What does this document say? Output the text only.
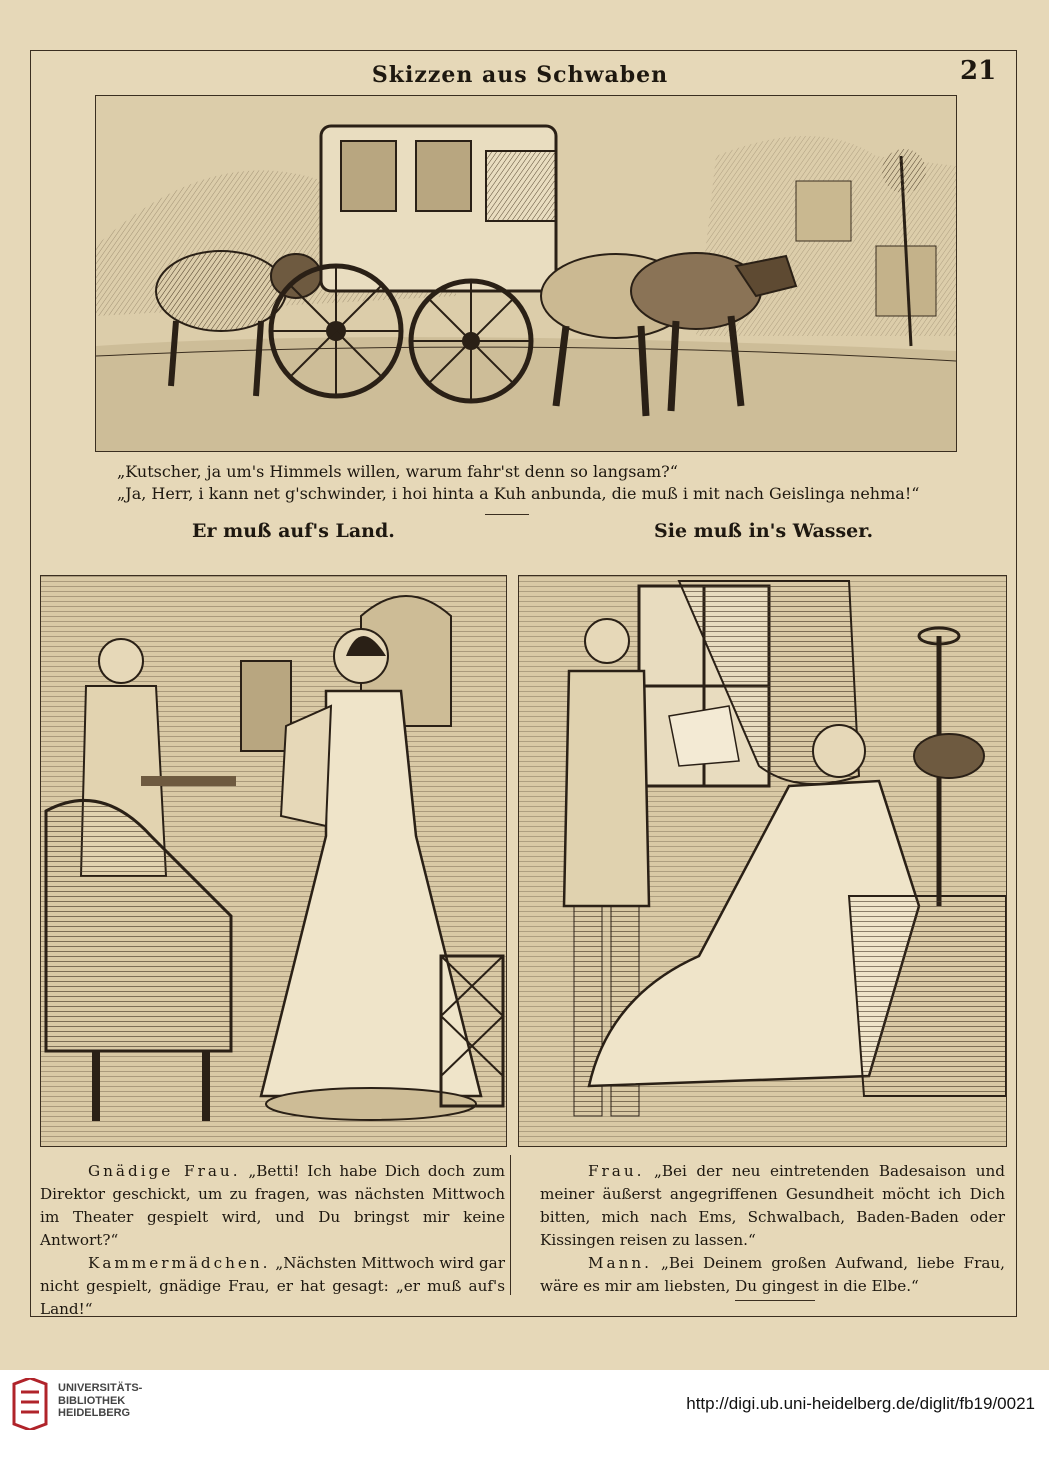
Skizzen aus Schwaben	21
„Kutscher, ja um's Himmels willen, warum fahr'st denn so langsam?“
„Ja, Herr, i kann net g'schwinder, i hoi hinta a Kuh anbunda, die muß i mit nach Geislinga nehma!“
Er muß auf's Land.	Sie muß in's Wasser.

Gnädige Frau. „Betti! Ich habe Dich doch zum Direktor geschickt, um zu fragen, was nächsten Mittwoch im Theater gespielt wird, und Du bringst mir keine Antwort?“

Kammermädchen. „Nächsten Mittwoch wird gar nicht gespielt, gnädige Frau, er hat gesagt: „er muß auf's Land!“

Frau. „Bei der neu eintretenden Badesaison und meiner äußerst angegriffenen Gesundheit möcht ich Dich bitten, mich nach Ems, Schwalbach, Baden-Baden oder Kissingen reisen zu lassen.“

Mann. „Bei Deinem großen Aufwand, liebe Frau, wäre es mir am liebsten, Du gingest in die Elbe.“

UNIVERSITÄTS-
BIBLIOTHEK
HEIDELBERG	http://digi.ub.uni-heidelberg.de/diglit/fb19/0021
